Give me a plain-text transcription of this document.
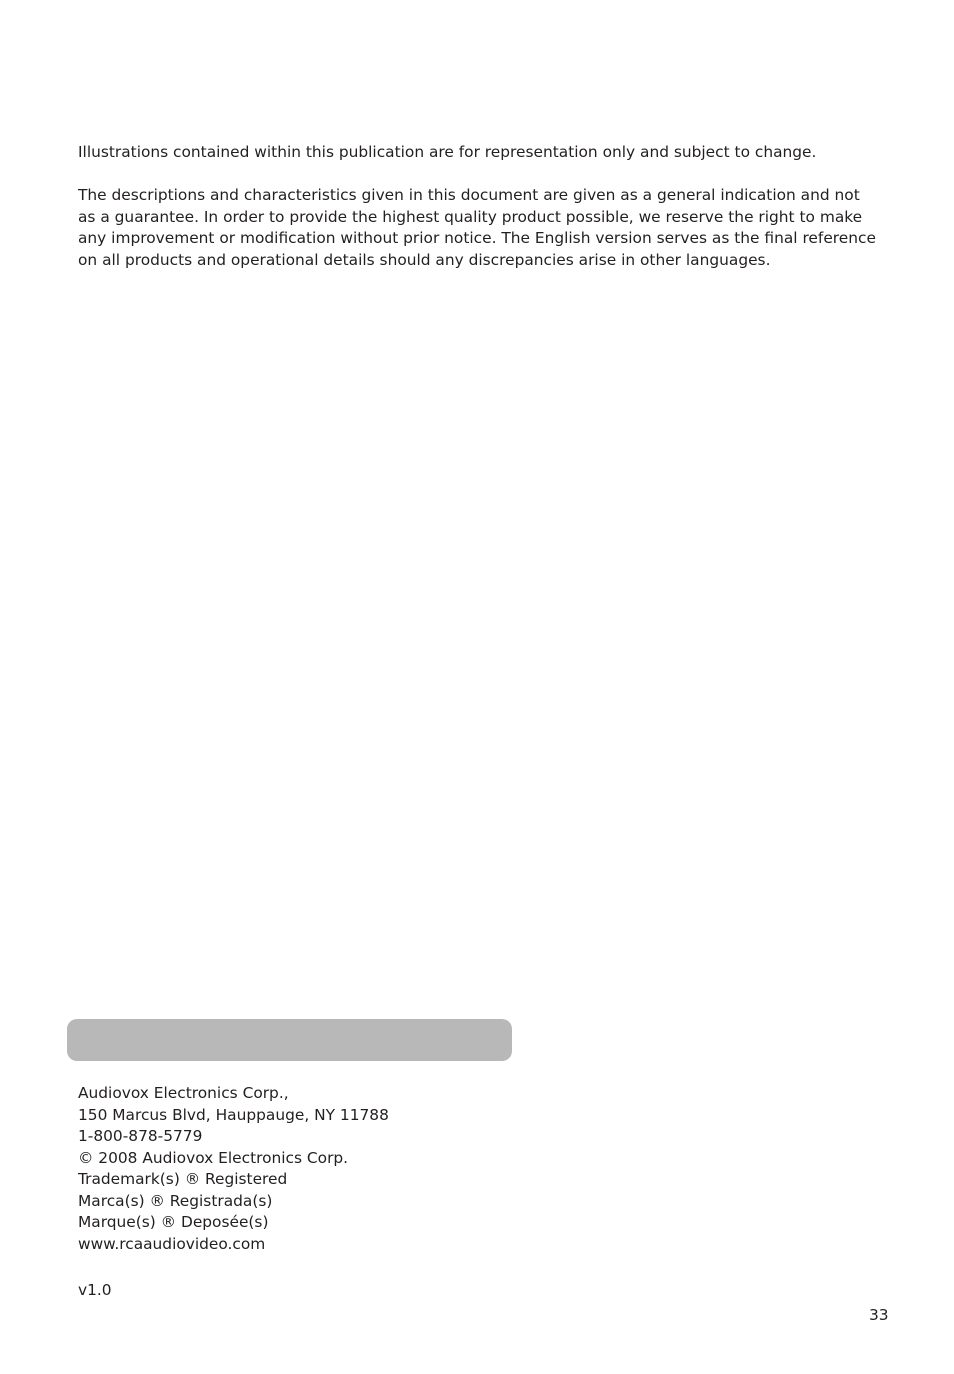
Illustrations contained within this publication are for representation only and subject to change.

The descriptions and characteristics given in this document are given as a general indication and not as a guarantee. In order to provide the highest quality product possible, we reserve the right to make any improvement or modification without prior notice. The English version serves as the final reference on all products and operational details should any discrepancies arise in other languages.

Audiovox Electronics Corp.,
150 Marcus Blvd, Hauppauge, NY 11788
1-800-878-5779
© 2008 Audiovox Electronics Corp.
Trademark(s) ® Registered
Marca(s) ® Registrada(s)
Marque(s) ® Deposée(s)
www.rcaaudiovideo.com
v1.0
33
